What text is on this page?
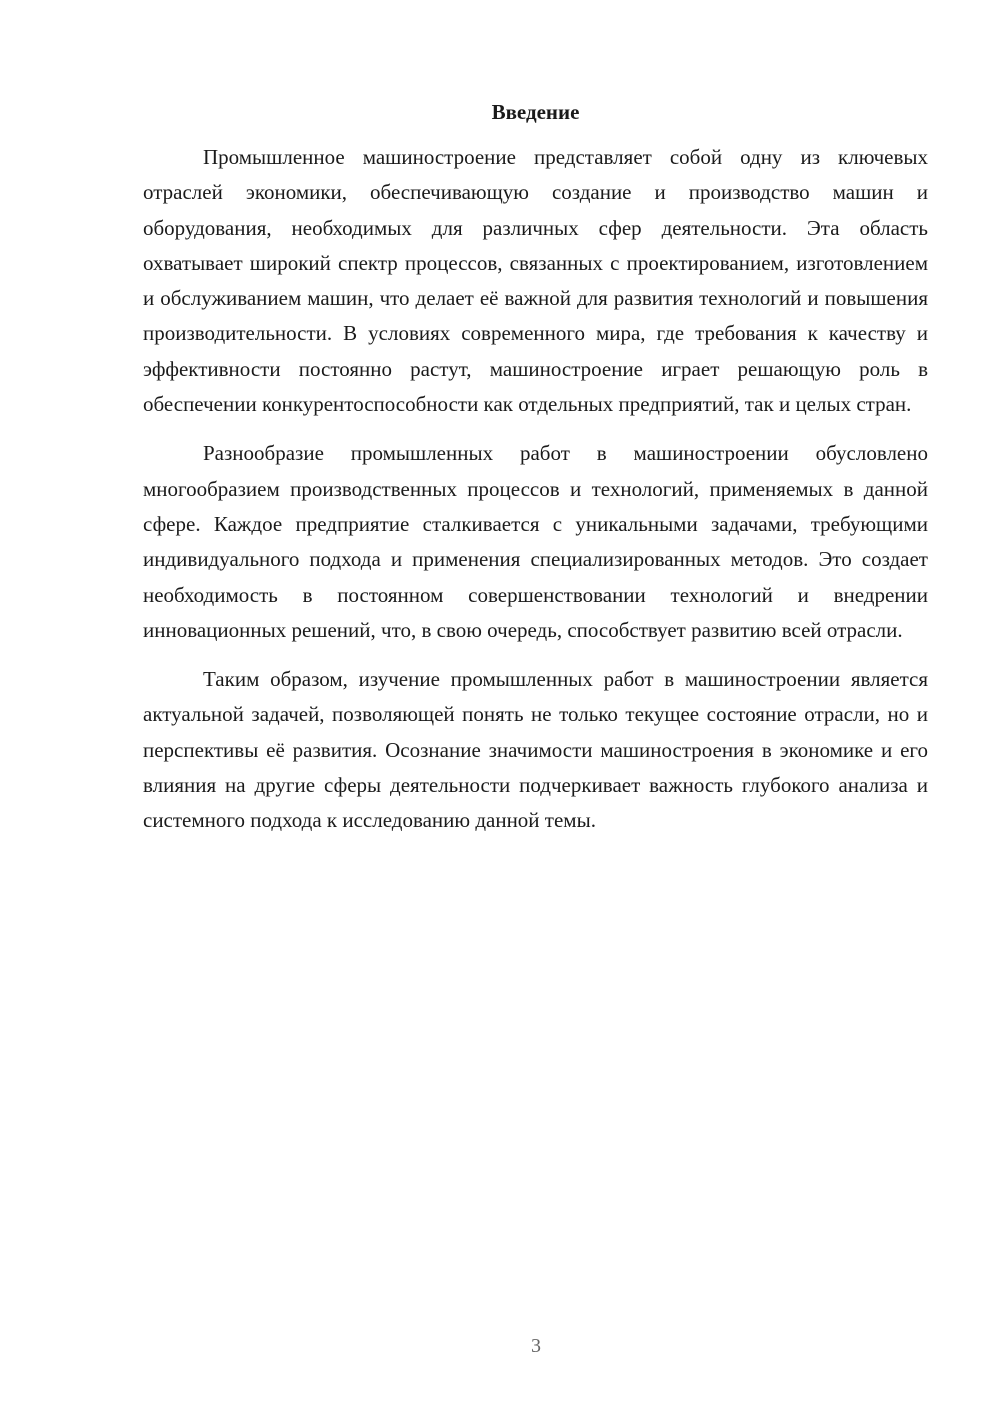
Введение

Промышленное машиностроение представляет собой одну из ключевых отраслей экономики, обеспечивающую создание и производство машин и оборудования, необходимых для различных сфер деятельности. Эта область охватывает широкий спектр процессов, связанных с проектированием, изготовлением и обслуживанием машин, что делает её важной для развития технологий и повышения производительности. В условиях современного мира, где требования к качеству и эффективности постоянно растут, машиностроение играет решающую роль в обеспечении конкурентоспособности как отдельных предприятий, так и целых стран.

Разнообразие промышленных работ в машиностроении обусловлено многообразием производственных процессов и технологий, применяемых в данной сфере. Каждое предприятие сталкивается с уникальными задачами, требующими индивидуального подхода и применения специализированных методов. Это создает необходимость в постоянном совершенствовании технологий и внедрении инновационных решений, что, в свою очередь, способствует развитию всей отрасли.

Таким образом, изучение промышленных работ в машиностроении является актуальной задачей, позволяющей понять не только текущее состояние отрасли, но и перспективы её развития. Осознание значимости машиностроения в экономике и его влияния на другие сферы деятельности подчеркивает важность глубокого анализа и системного подхода к исследованию данной темы.

3
